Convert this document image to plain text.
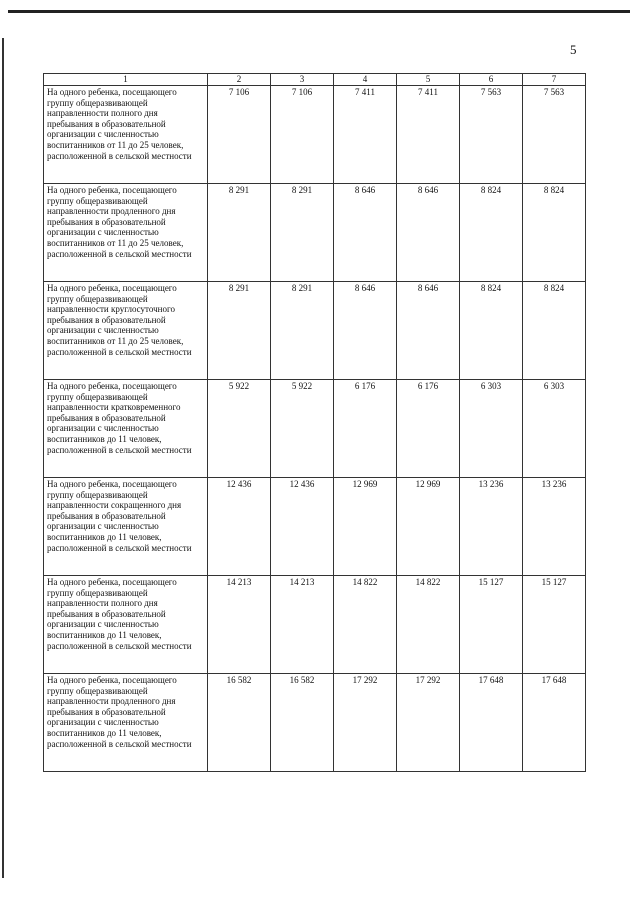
5
1	2	3	4	5	6	7
На одного ребенка, посещающего группу общеразвивающей направленности полного дня пребывания в образовательной организации с численностью воспитанников от 11 до 25 человек, расположенной в сельской местности	7 106	7 106	7 411	7 411	7 563	7 563
На одного ребенка, посещающего группу общеразвивающей направленности продленного дня пребывания в образовательной организации с численностью воспитанников от 11 до 25 человек, расположенной в сельской местности	8 291	8 291	8 646	8 646	8 824	8 824
На одного ребенка, посещающего группу общеразвивающей направленности круглосуточного пребывания в образовательной организации с численностью воспитанников от 11 до 25 человек, расположенной в сельской местности	8 291	8 291	8 646	8 646	8 824	8 824
На одного ребенка, посещающего группу общеразвивающей направленности кратковременного пребывания в образовательной организации с численностью воспитанников до 11 человек, расположенной в сельской местности	5 922	5 922	6 176	6 176	6 303	6 303
На одного ребенка, посещающего группу общеразвивающей направленности сокращенного дня пребывания в образовательной организации с численностью воспитанников до 11 человек, расположенной в сельской местности	12 436	12 436	12 969	12 969	13 236	13 236
На одного ребенка, посещающего группу общеразвивающей направленности полного дня пребывания в образовательной организации с численностью воспитанников до 11 человек, расположенной в сельской местности	14 213	14 213	14 822	14 822	15 127	15 127
На одного ребенка, посещающего группу общеразвивающей направленности продленного дня пребывания в образовательной организации с численностью воспитанников до 11 человек, расположенной в сельской местности	16 582	16 582	17 292	17 292	17 648	17 648
